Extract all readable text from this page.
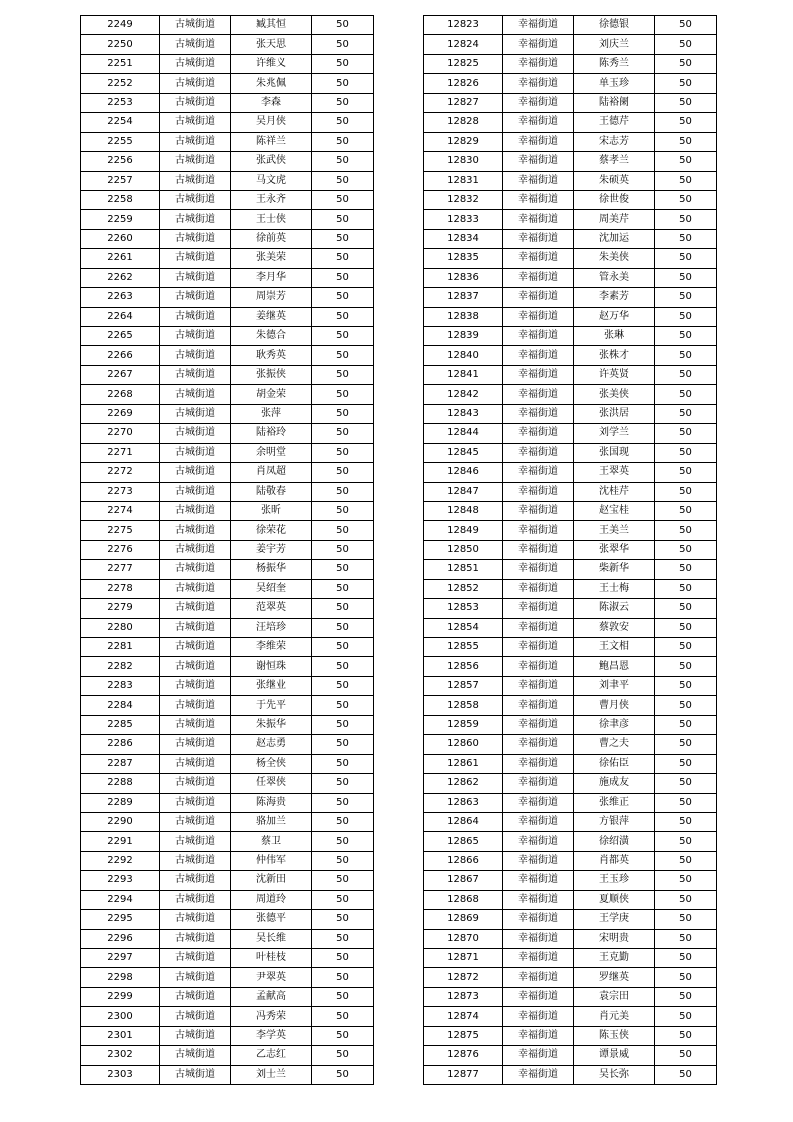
2249	古城街道	臧其恒	50
2250	古城街道	张天思	50
2251	古城街道	许维义	50
2252	古城街道	朱兆佩	50
2253	古城街道	李森	50
2254	古城街道	吴月侠	50
2255	古城街道	陈祥兰	50
2256	古城街道	张武侠	50
2257	古城街道	马文虎	50
2258	古城街道	王永齐	50
2259	古城街道	王士侠	50
2260	古城街道	徐前英	50
2261	古城街道	张美荣	50
2262	古城街道	李月华	50
2263	古城街道	周崇芳	50
2264	古城街道	姜继英	50
2265	古城街道	朱德合	50
2266	古城街道	耿秀英	50
2267	古城街道	张振侠	50
2268	古城街道	胡金荣	50
2269	古城街道	张萍	50
2270	古城街道	陆裕玲	50
2271	古城街道	余明堂	50
2272	古城街道	肖凤超	50
2273	古城街道	陆敬春	50
2274	古城街道	张昕	50
2275	古城街道	徐荣花	50
2276	古城街道	姜宇芳	50
2277	古城街道	杨振华	50
2278	古城街道	吴绍奎	50
2279	古城街道	范翠英	50
2280	古城街道	汪培珍	50
2281	古城街道	李维荣	50
2282	古城街道	谢恒珠	50
2283	古城街道	张继业	50
2284	古城街道	于先平	50
2285	古城街道	朱振华	50
2286	古城街道	赵志勇	50
2287	古城街道	杨全侠	50
2288	古城街道	任翠侠	50
2289	古城街道	陈海贵	50
2290	古城街道	骆加兰	50
2291	古城街道	蔡卫	50
2292	古城街道	仲伟军	50
2293	古城街道	沈新田	50
2294	古城街道	周道玲	50
2295	古城街道	张德平	50
2296	古城街道	吴长维	50
2297	古城街道	叶桂枝	50
2298	古城街道	尹翠英	50
2299	古城街道	孟献高	50
2300	古城街道	冯秀荣	50
2301	古城街道	李学英	50
2302	古城街道	乙志红	50
2303	古城街道	刘士兰	50
12823	幸福街道	徐德银	50
12824	幸福街道	刘庆兰	50
12825	幸福街道	陈秀兰	50
12826	幸福街道	单玉珍	50
12827	幸福街道	陆裕阑	50
12828	幸福街道	王德芹	50
12829	幸福街道	宋志芳	50
12830	幸福街道	蔡孝兰	50
12831	幸福街道	朱硕英	50
12832	幸福街道	徐世俊	50
12833	幸福街道	周美芹	50
12834	幸福街道	沈加运	50
12835	幸福街道	朱美侠	50
12836	幸福街道	管永美	50
12837	幸福街道	李素芳	50
12838	幸福街道	赵万华	50
12839	幸福街道	张琳	50
12840	幸福街道	张株才	50
12841	幸福街道	许英贤	50
12842	幸福街道	张美侠	50
12843	幸福街道	张洪居	50
12844	幸福街道	刘学兰	50
12845	幸福街道	张国现	50
12846	幸福街道	王翠英	50
12847	幸福街道	沈桂芹	50
12848	幸福街道	赵宝桂	50
12849	幸福街道	王美兰	50
12850	幸福街道	张翠华	50
12851	幸福街道	柴新华	50
12852	幸福街道	王士梅	50
12853	幸福街道	陈淑云	50
12854	幸福街道	蔡敦安	50
12855	幸福街道	王文相	50
12856	幸福街道	鲍昌恩	50
12857	幸福街道	刘聿平	50
12858	幸福街道	曹月侠	50
12859	幸福街道	徐聿彦	50
12860	幸福街道	曹之夫	50
12861	幸福街道	徐佑臣	50
12862	幸福街道	施成友	50
12863	幸福街道	张维正	50
12864	幸福街道	方银萍	50
12865	幸福街道	徐绍潢	50
12866	幸福街道	肖都英	50
12867	幸福街道	王玉珍	50
12868	幸福街道	夏顺侠	50
12869	幸福街道	王学庚	50
12870	幸福街道	宋明贵	50
12871	幸福街道	王克勤	50
12872	幸福街道	罗继英	50
12873	幸福街道	袁宗田	50
12874	幸福街道	肖元美	50
12875	幸福街道	陈玉侠	50
12876	幸福街道	谭景威	50
12877	幸福街道	吴长弥	50
